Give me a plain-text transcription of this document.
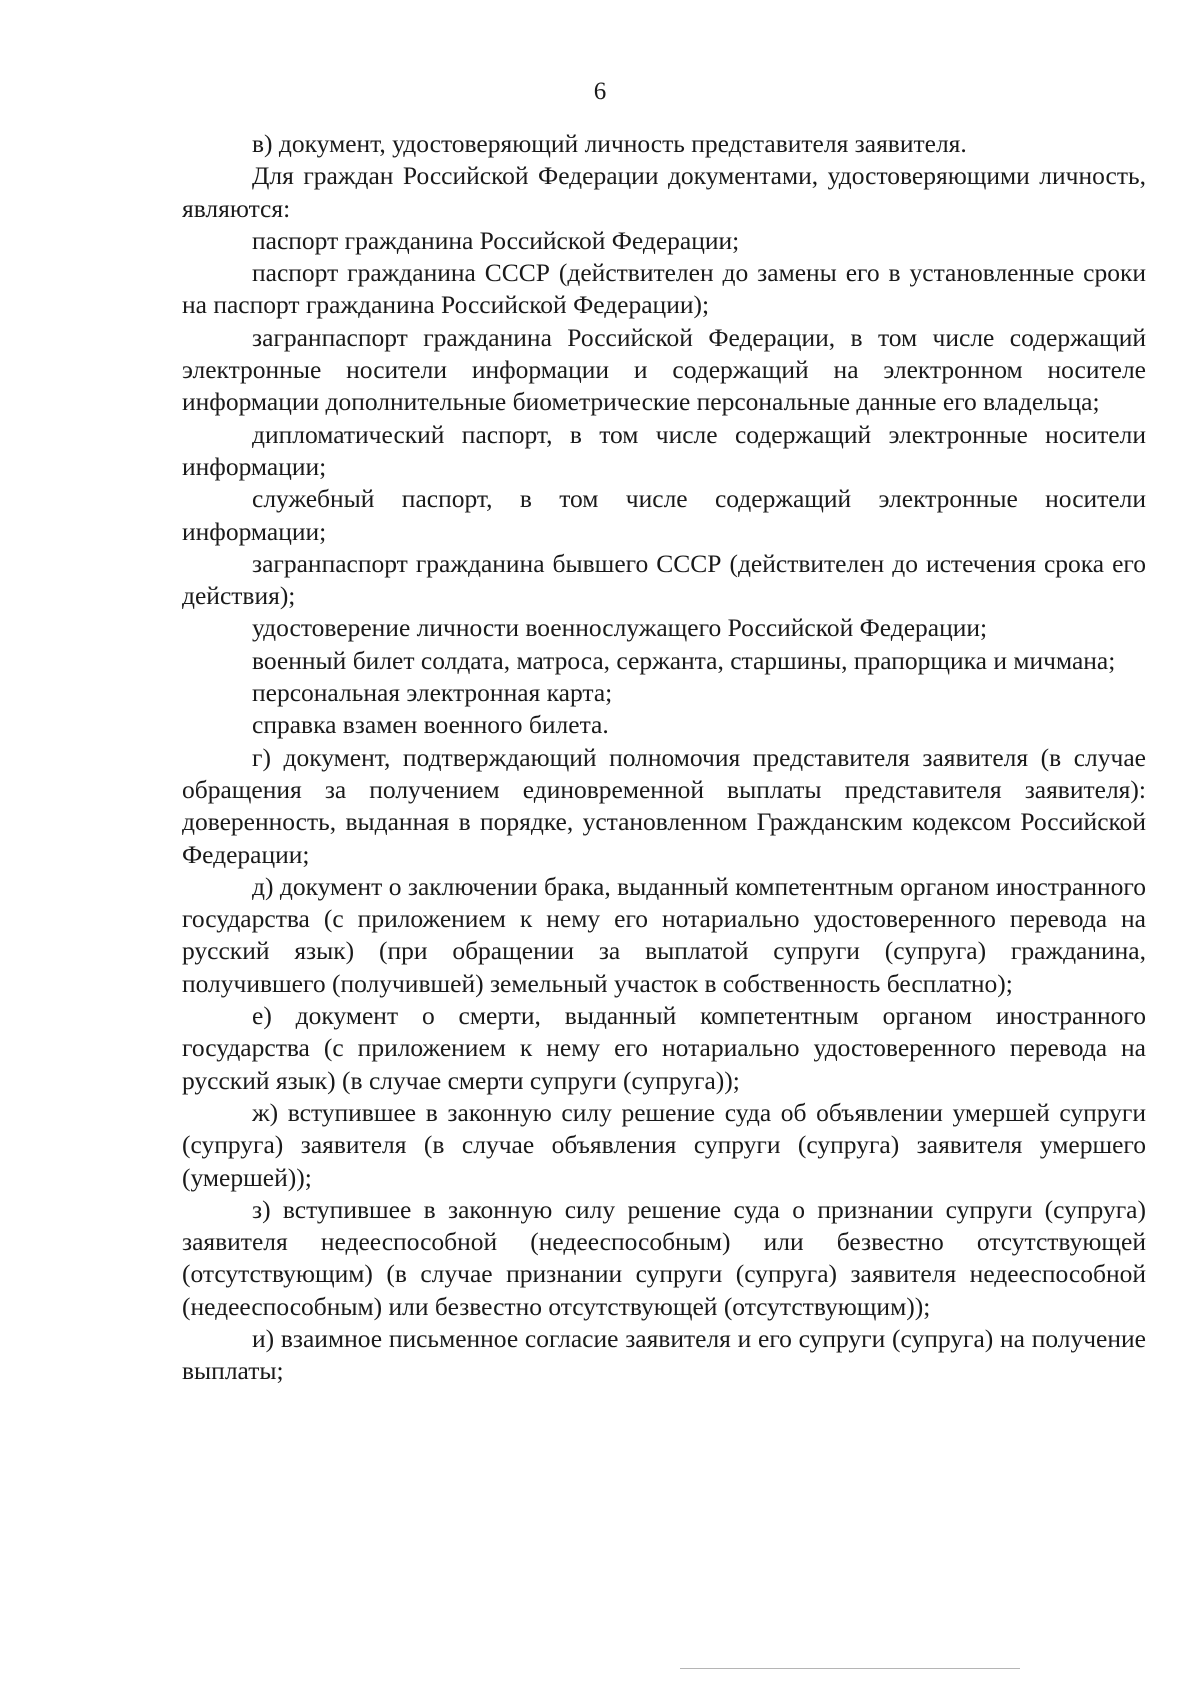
6

в) документ, удостоверяющий личность представителя заявителя.

Для граждан Российской Федерации документами, удостоверяющими личность, являются:

паспорт гражданина Российской Федерации;

паспорт гражданина СССР (действителен до замены его в установленные сроки на паспорт гражданина Российской Федерации);

загранпаспорт гражданина Российской Федерации, в том числе содержащий электронные носители информации и содержащий на электронном носителе информации дополнительные биометрические персональные данные его владельца;

дипломатический паспорт, в том числе содержащий электронные носители информации;

служебный паспорт, в том числе содержащий электронные носители информации;

загранпаспорт гражданина бывшего СССР (действителен до истечения срока его действия);

удостоверение личности военнослужащего Российской Федерации;

военный билет солдата, матроса, сержанта, старшины, прапорщика и мичмана;

персональная электронная карта;

справка взамен военного билета.

г) документ, подтверждающий полномочия представителя заявителя (в случае обращения за получением единовременной выплаты представителя заявителя): доверенность, выданная в порядке, установленном Гражданским кодексом Российской Федерации;

д) документ о заключении брака, выданный компетентным органом иностранного государства (с приложением к нему его нотариально удостоверенного перевода на русский язык) (при обращении за выплатой супруги (супруга) гражданина, получившего (получившей) земельный участок в собственность бесплатно);

е) документ о смерти, выданный компетентным органом иностранного государства (с приложением к нему его нотариально удостоверенного перевода на русский язык) (в случае смерти супруги (супруга));

ж) вступившее в законную силу решение суда об объявлении умершей супруги (супруга) заявителя (в случае объявления супруги (супруга) заявителя умершего (умершей));

з) вступившее в законную силу решение суда о признании супруги (супруга) заявителя недееспособной (недееспособным) или безвестно отсутствующей (отсутствующим) (в случае признании супруги (супруга) заявителя недееспособной (недееспособным) или безвестно отсутствующей (отсутствующим));

и) взаимное письменное согласие заявителя и его супруги (супруга) на получение выплаты;
